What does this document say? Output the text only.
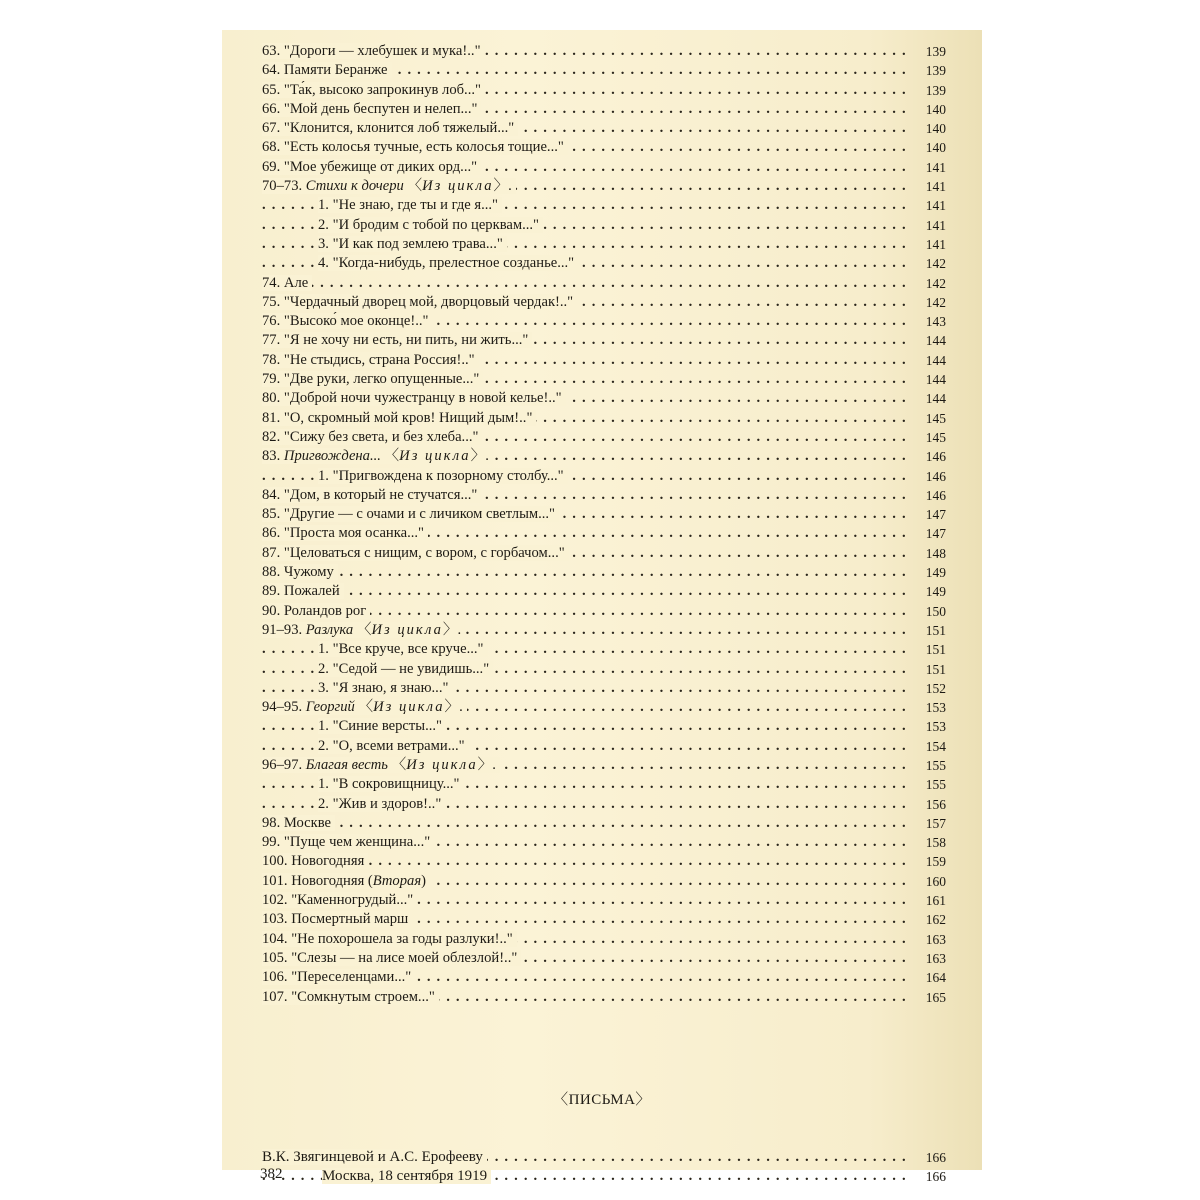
. . .
63. "Дороги — хлебушек и мука!.."	139
. . .
64. Памяти Беранже	139
. . .
65. "Та́к, высоко запрокинув лоб..."	139
. . .
66. "Мой день беспутен и нелеп..."	140
. . .
67. "Клонится, клонится лоб тяжелый..."	140
. . .
68. "Есть колосья тучные, есть колосья тощие..."	140
. . .
69. "Мое убежище от диких орд..."	141
. . .
70–73. Стихи к дочери 〈Из цикла〉.	141
. . .
1. "Не знаю, где ты и где я..."	141
. . .
2. "И бродим с тобой по церквам..."	141
. . .
3. "И как под землею трава..."	141
. . .
4. "Когда-нибудь, прелестное созданье..."	142
. . .
74. Але	142
. . .
75. "Чердачный дворец мой, дворцовый чердак!.."	142
. . .
76. "Высоко́ мое оконце!.."	143
. . .
77. "Я не хочу ни есть, ни пить, ни жить..."	144
. . .
78. "Не стыдись, страна Россия!.."	144
. . .
79. "Две руки, легко опущенные..."	144
. . .
80. "Доброй ночи чужестранцу в новой келье!.."	144
. . .
81. "О, скромный мой кров! Нищий дым!.."	145
. . .
82. "Сижу без света, и без хлеба..."	145
. . .
83. Пригвождена... 〈Из цикла〉.	146
. . .
1. "Пригвождена к позорному столбу..."	146
. . .
84. "Дом, в который не стучатся..."	146
. . .
85. "Другие — с очами и с личиком светлым..."	147
. . .
86. "Проста моя осанка..."	147
. . .
87. "Целоваться с нищим, с вором, с горбачом..."	148
. . .
88. Чужому	149
. . .
89. Пожалей	149
. . .
90. Роландов рог	150
. . .
91–93. Разлука 〈Из цикла〉.	151
. . .
1. "Все круче, все круче..."	151
. . .
2. "Седой — не увидишь..."	151
. . .
3. "Я знаю, я знаю..."	152
. . .
94–95. Георгий 〈Из цикла〉.	153
. . .
1. "Синие версты..."	153
. . .
2. "О, всеми ветрами..."	154
. . .
96–97. Благая весть 〈Из цикла〉.	155
. . .
1. "В сокровищницу..."	155
. . .
2. "Жив и здоров!.."	156
. . .
98. Москве	157
. . .
99. "Пуще чем женщина..."	158
. . .
100. Новогодняя	159
. . .
101. Новогодняя (Вторая)	160
. . .
102. "Каменногрудый..."	161
. . .
103. Посмертный марш	162
. . .
104. "Не похорошела за годы разлуки!.."	163
. . .
105. "Слезы — на лисе моей облезлой!.."	163
. . .
106. "Переселенцами..."	164
. . .
107. "Сомкнутым строем..."	165
〈ПИСЬМА〉
. . .
В.К. Звягинцевой и А.С. Ерофееву	166
. . .
Москва, 18 сентября 1919	166
382
